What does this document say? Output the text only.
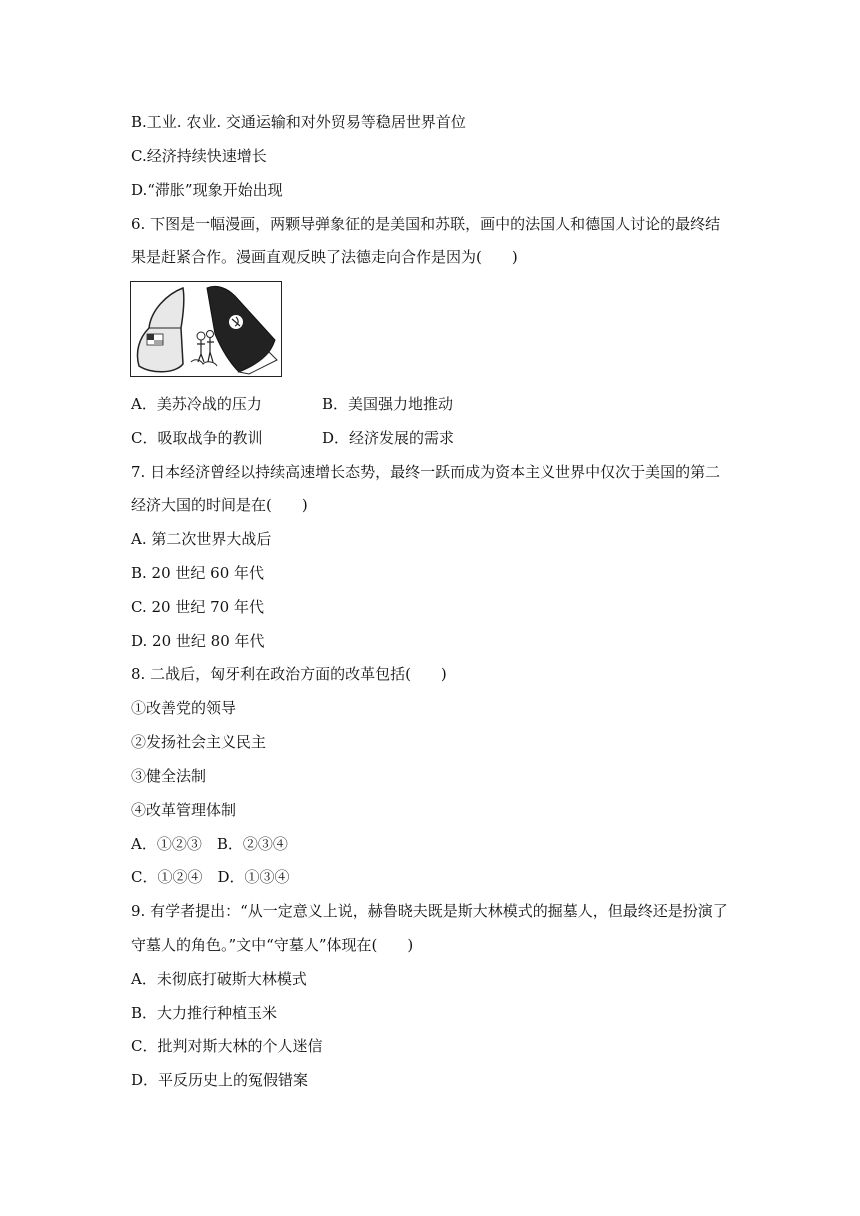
B.工业. 农业. 交通运输和对外贸易等稳居世界首位
C.经济持续快速增长
D.“滞胀”现象开始出现
6. 下图是一幅漫画，两颗导弹象征的是美国和苏联，画中的法国人和德国人讨论的最终结
果是赶紧合作。漫画直观反映了法德走向合作是因为(　　)
A．美苏冷战的压力	B．美国强力地推动
C．吸取战争的教训	D．经济发展的需求
7. 日本经济曾经以持续高速增长态势，最终一跃而成为资本主义世界中仅次于美国的第二
经济大国的时间是在(　　)
A. 第二次世界大战后
B. 20 世纪 60 年代
C. 20 世纪 70 年代
D. 20 世纪 80 年代
8. 二战后，匈牙利在政治方面的改革包括(　　)
①改善党的领导
②发扬社会主义民主
③健全法制
④改革管理体制
A．①②③　B．②③④
C．①②④　D．①③④
9. 有学者提出：“从一定意义上说，赫鲁晓夫既是斯大林模式的掘墓人，但最终还是扮演了
守墓人的角色。”文中“守墓人”体现在(　　)
A．未彻底打破斯大林模式
B．大力推行种植玉米
C．批判对斯大林的个人迷信
D．平反历史上的冤假错案
